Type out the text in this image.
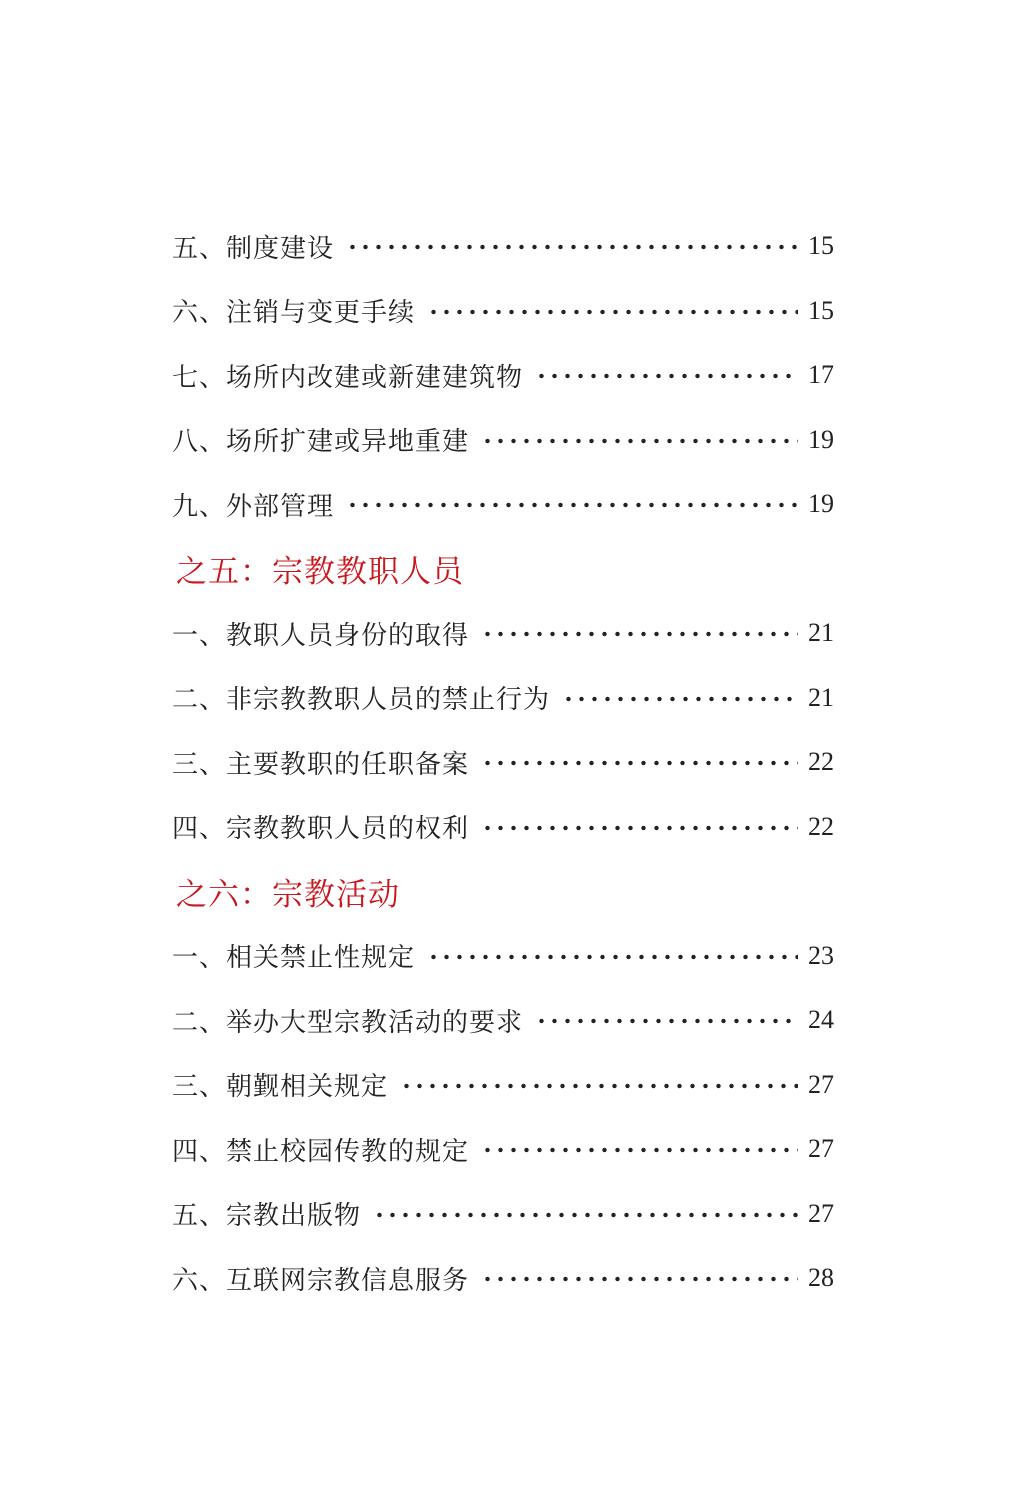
五、制度建设	15
六、注销与变更手续	15
七、场所内改建或新建建筑物	17
八、场所扩建或异地重建	19
九、外部管理	19
之五：宗教教职人员
一、教职人员身份的取得	21
二、非宗教教职人员的禁止行为	21
三、主要教职的任职备案	22
四、宗教教职人员的权利	22
之六：宗教活动
一、相关禁止性规定	23
二、举办大型宗教活动的要求	24
三、朝觐相关规定	27
四、禁止校园传教的规定	27
五、宗教出版物	27
六、互联网宗教信息服务	28
